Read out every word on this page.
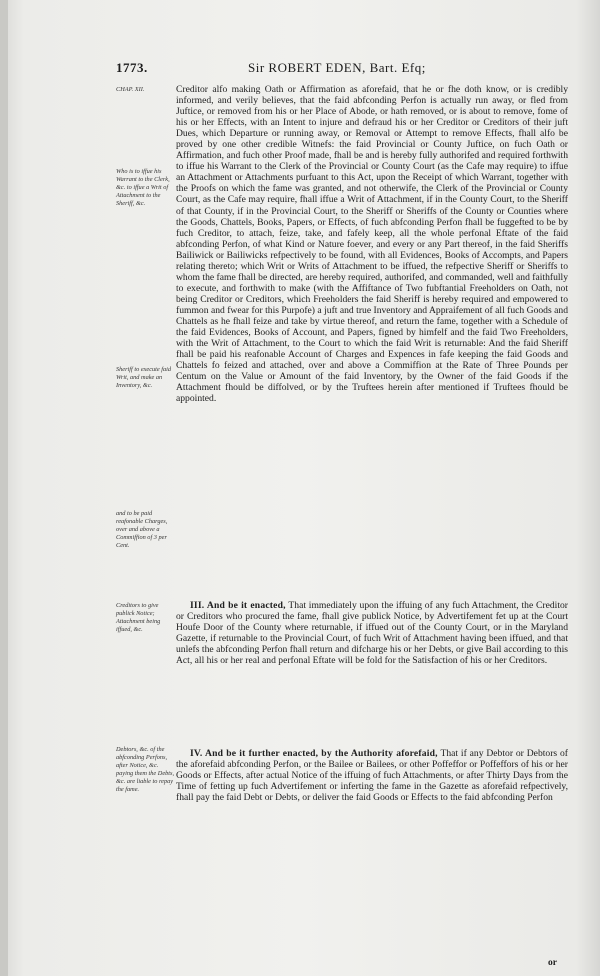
1773.	Sir ROBERT EDEN, Bart. Efq;
CHAP. XII.
Who is to iffue his Warrant to the Clerk, &c. to iffue a Writ of Attachment to the Sheriff, &c.
Sheriff to execute faid Writ, and make an Inventory, &c.
and to be paid reafonable Charges, over and above a Commiffion of 3 per Cent.
Creditors to give publick Notice; Attachment being iffued, &c.
Debtors, &c. of the abfconding Perfons, after Notice, &c. paying them the Debts, &c. are liable to repay the fame.

Creditor alfo making Oath or Affirmation as aforefaid, that he or fhe doth know, or is credibly informed, and verily believes, that the faid abfconding Perfon is actually run away, or fled from Juftice, or removed from his or her Place of Abode, or hath removed, or is about to remove, fome of his or her Effects, with an Intent to injure and defraud his or her Creditor or Creditors of their juft Dues, which Departure or running away, or Removal or Attempt to remove Effects, fhall alfo be proved by one other credible Witnefs: the faid Provincial or County Juftice, on fuch Oath or Affirmation, and fuch other Proof made, fhall be and is hereby fully authorifed and required forthwith to iffue his Warrant to the Clerk of the Provincial or County Court (as the Cafe may require) to iffue an Attachment or Attachments purfuant to this Act, upon the Receipt of which Warrant, together with the Proofs on which the fame was granted, and not otherwife, the Clerk of the Provincial or County Court, as the Cafe may require, fhall iffue a Writ of Attachment, if in the County Court, to the Sheriff of that County, if in the Provincial Court, to the Sheriff or Sheriffs of the County or Counties where the Goods, Chattels, Books, Papers, or Effects, of fuch abfconding Perfon fhall be fuggefted to be by fuch Creditor, to attach, feize, take, and fafely keep, all the whole perfonal Eftate of the faid abfconding Perfon, of what Kind or Nature foever, and every or any Part thereof, in the faid Sheriffs Bailiwick or Bailiwicks refpectively to be found, with all Evidences, Books of Accompts, and Papers relating thereto; which Writ or Writs of Attachment to be iffued, the refpective Sheriff or Sheriffs to whom the fame fhall be directed, are hereby required, authorifed, and commanded, well and faithfully to execute, and forthwith to make (with the Affiftance of Two fubftantial Freeholders on Oath, not being Creditor or Creditors, which Freeholders the faid Sheriff is hereby required and empowered to fummon and fwear for this Purpofe) a juft and true Inventory and Appraifement of all fuch Goods and Chattels as he fhall feize and take by virtue thereof, and return the fame, together with a Schedule of the faid Evidences, Books of Account, and Papers, figned by himfelf and the faid Two Freeholders, with the Writ of Attachment, to the Court to which the faid Writ is returnable: And the faid Sheriff fhall be paid his reafonable Account of Charges and Expences in fafe keeping the faid Goods and Chattels fo feized and attached, over and above a Commiffion at the Rate of Three Pounds per Centum on the Value or Amount of the faid Inventory, by the Owner of the faid Goods if the Attachment fhould be diffolved, or by the Truftees herein after mentioned if Truftees fhould be appointed.

III. And be it enacted, That immediately upon the iffuing of any fuch Attachment, the Creditor or Creditors who procured the fame, fhall give publick Notice, by Advertifement fet up at the Court Houfe Door of the County where returnable, if iffued out of the County Court, or in the Maryland Gazette, if returnable to the Provincial Court, of fuch Writ of Attachment having been iffued, and that unlefs the abfconding Perfon fhall return and difcharge his or her Debts, or give Bail according to this Act, all his or her real and perfonal Eftate will be fold for the Satisfaction of his or her Creditors.

IV. And be it further enacted, by the Authority aforefaid, That if any Debtor or Debtors of the aforefaid abfconding Perfon, or the Bailee or Bailees, or other Poffeffor or Poffeffors of his or her Goods or Effects, after actual Notice of the iffuing of fuch Attachments, or after Thirty Days from the Time of fetting up fuch Advertifement or inferting the fame in the Gazette as aforefaid refpectively, fhall pay the faid Debt or Debts, or deliver the faid Goods or Effects to the faid abfconding Perfon

or
